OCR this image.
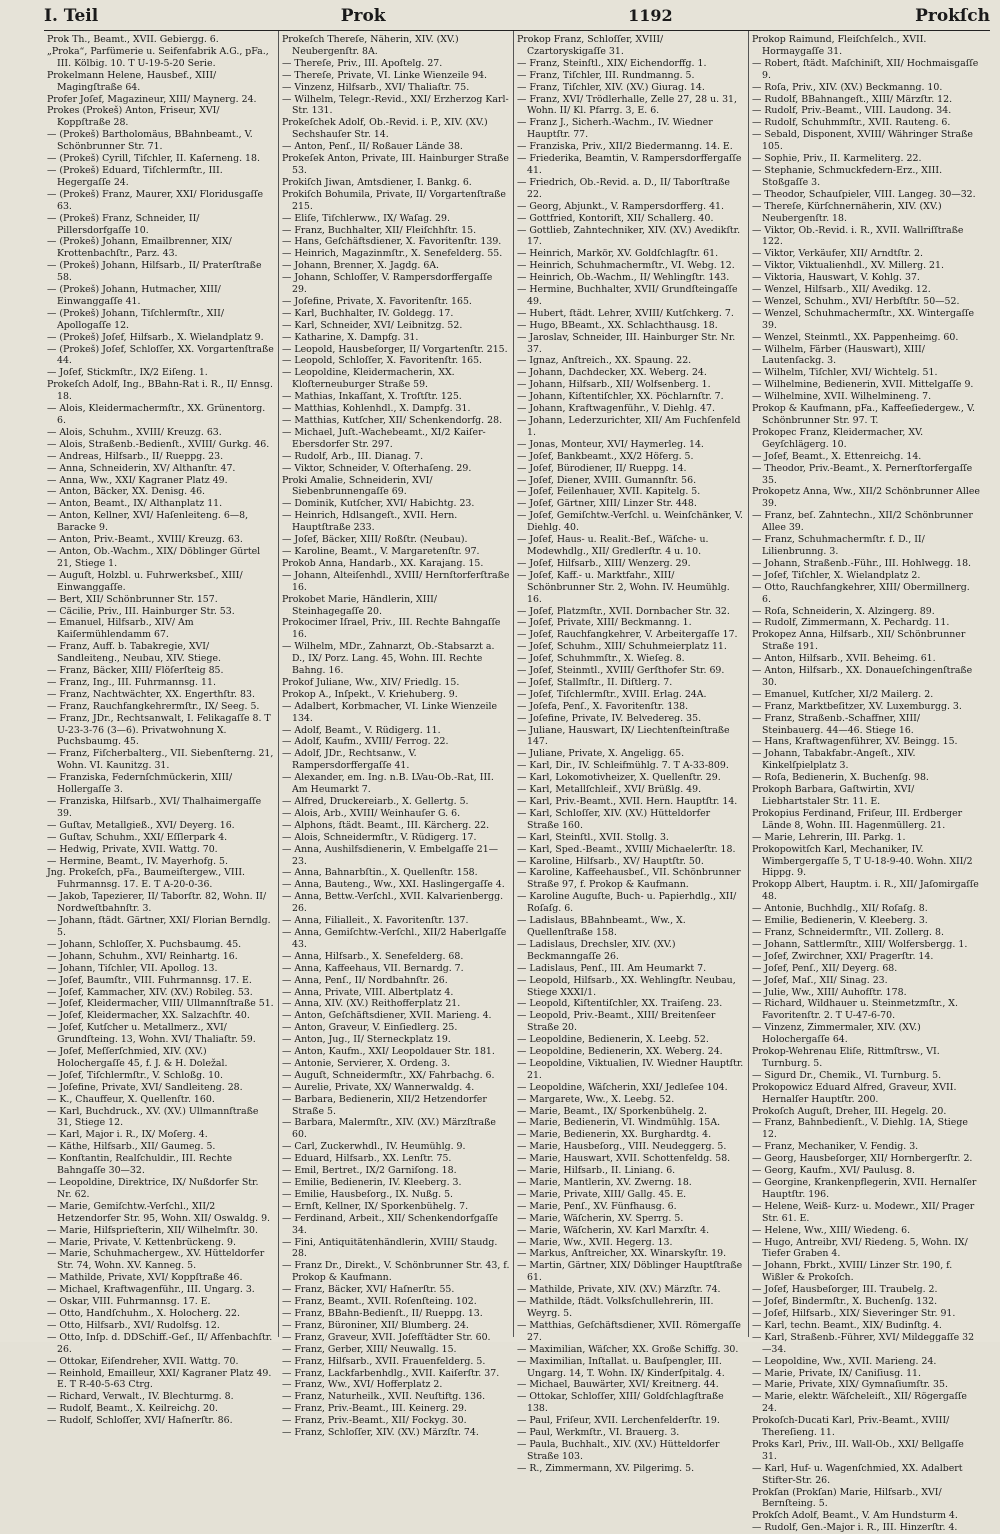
I. Teil	Prok	1192	Prokſch

Prok Th., Beamt., XVII. Gebiergg. 6.

„Proka“, Parfümerie u. Seifenfabrik A.G., pFa., III. Kölbig. 10. T U-19-5-20 Serie.

Prokelmann Helene, Hausbef., XIII/ Magingſtraße 64.

Profer Joſef, Magazineur, XIII/ Maynerg. 24.

Prokes (Prokeš) Anton, Friseur, XVI/ Koppſtraße 28.

— (Prokeš) Bartholomäus, BBahnbeamt., V. Schönbrunner Str. 71.

— (Prokeš) Cyrill, Tiſchler, II. Kaſerneng. 18.

— (Prokeš) Eduard, Tiſchlermſtr., III. Hegergaſſe 24.

— (Prokeš) Franz, Maurer, XXI/ Floridusgaſſe 63.

— (Prokeš) Franz, Schneider, II/ Pillersdorfgaſſe 10.

— (Prokeš) Johann, Emailbrenner, XIX/ Krottenbachſtr., Parz. 43.

— (Prokeš) Johann, Hilfsarb., II/ Praterſtraße 58.

— (Prokeš) Johann, Hutmacher, XIII/ Einwanggaſſe 41.

— (Prokeš) Johann, Tiſchlermſtr., XII/ Apollogaſſe 12.

— (Prokeš) Joſef, Hilfsarb., X. Wielandplatz 9.

— (Prokeš) Joſef, Schloſſer, XX. Vorgartenſtraße 44.

— Joſef, Stickmſtr., IX/2 Eiſeng. 1.

Prokeſch Adolf, Ing., BBahn-Rat i. R., II/ Ennsg. 18.

— Alois, Kleidermachermſtr., XX. Grünentorg. 6.

— Alois, Schuhm., XVIII/ Kreuzg. 63.

— Alois, Straßenb.-Bedienſt., XVIII/ Gurkg. 46.

— Andreas, Hilfsarb., II/ Rueppg. 23.

— Anna, Schneiderin, XV/ Althanſtr. 47.

— Anna, Ww., XXI/ Kagraner Platz 49.

— Anton, Bäcker, XX. Denisg. 46.

— Anton, Beamt., IX/ Althanplatz 11.

— Anton, Kellner, XVI/ Haſenleiteng. 6—8, Baracke 9.

— Anton, Priv.-Beamt., XVIII/ Kreuzg. 63.

— Anton, Ob.-Wachm., XIX/ Döblinger Gürtel 21, Stiege 1.

— Auguſt, Holzbl. u. Fuhrwerksbeſ., XIII/ Einwanggaſſe.

— Bert, XII/ Schönbrunner Str. 157.

— Cäcilie, Priv., III. Hainburger Str. 53.

— Emanuel, Hilfsarb., XIV/ Am Kaiſermühlendamm 67.

— Franz, Auff. b. Tabakregie, XVI/ Sandleiteng., Neubau, XIV. Stiege.

— Franz, Bäcker, XIII/ Flöſerſteig 85.

— Franz, Ing., III. Fuhrmannsg. 11.

— Franz, Nachtwächter, XX. Engerthſtr. 83.

— Franz, Rauchfangkehrermſtr., IX/ Seeg. 5.

— Franz, JDr., Rechtsanwalt, I. Felikagaſſe 8. T U-23-3-76 (3—6). Privatwohnung X. Puchsbaumg. 45.

— Franz, Fiſcherbalterg., VII. Siebenſterng. 21, Wohn. VI. Kaunitzg. 31.

— Franziska, Federnſchmückerin, XIII/ Hollergaſſe 3.

— Franziska, Hilfsarb., XVI/ Thalhaimergaſſe 39.

— Guſtav, Metallgieß., XVI/ Deyerg. 16.

— Guſtav, Schuhm., XXI/ Eſſlerpark 4.

— Hedwig, Private, XVII. Wattg. 70.

— Hermine, Beamt., IV. Mayerhofg. 5.

Jng. Prokeſch, pFa., Baumeiſtergew., VIII. Fuhrmannsg. 17. E. T A-20-0-36.

— Jakob, Tapezierer, II/ Taborſtr. 82, Wohn. II/ Nordweſtbahnſtr. 3.

— Johann, ſtädt. Gärtner, XXI/ Florian Berndlg. 5.

— Johann, Schloſſer, X. Puchsbaumg. 45.

— Johann, Schuhm., XVI/ Reinhartg. 16.

— Johann, Tiſchler, VII. Apollog. 13.

— Joſef, Baumſtr., VIII. Fuhrmannsg. 17. E.

— Joſef, Kammacher, XIV. (XV.) Robileg. 53.

— Joſef, Kleidermacher, VIII/ Ullmannſtraße 51.

— Joſef, Kleidermacher, XX. Salzachſtr. 40.

— Joſef, Kutſcher u. Metallmerz., XVI/ Grundſteing. 13, Wohn. XVI/ Thaliaſtr. 59.

— Joſef, Meſſerſchmied, XIV. (XV.) Holochergaſſe 45, f. J. & H. Doležal.

— Joſef, Tiſchlermſtr., V. Schloßg. 10.

— Joſefine, Private, XVI/ Sandleiteng. 28.

— K., Chauffeur, X. Quellenſtr. 160.

— Karl, Buchdruck., XV. (XV.) Ullmannſtraße 31, Stiege 12.

— Karl, Major i. R., IX/ Moſerg. 4.

— Käthe, Hilfsarb., XII/ Gaumeg. 5.

— Konſtantin, Realſchuldir., III. Rechte Bahngaſſe 30—32.

— Leopoldine, Direktrice, IX/ Nußdorfer Str. Nr. 62.

— Marie, Gemiſchtw.-Verſchl., XII/2 Hetzendorfer Str. 95, Wohn. XII/ Oswaldg. 9.

— Marie, Hilfsprieſterin, XII/ Wilhelmſtr. 30.

— Marie, Private, V. Kettenbrückeng. 9.

— Marie, Schuhmachergew., XV. Hütteldorfer Str. 74, Wohn. XV. Kanneg. 5.

— Mathilde, Private, XVI/ Koppſtraße 46.

— Michael, Kraftwagenführ., III. Ungarg. 3.

— Oskar, VIII. Fuhrmannsg. 17. E.

— Otto, Handſchuhm., X. Holocherg. 22.

— Otto, Hilfsarb., XVI/ Rudolfsg. 12.

— Otto, Inſp. d. DDSchiff.-Geſ., II/ Afſenbachſtr. 26.

— Ottokar, Eiſendreher, XVII. Wattg. 70.

— Reinhold, Emailleur, XXI/ Kagraner Platz 49. E. T R-40-5-63 Ctrg.

— Richard, Verwalt., IV. Blechturmg. 8.

— Rudolf, Beamt., X. Keilreichg. 20.

— Rudolf, Schloſſer, XVI/ Haſnerſtr. 86.

Prokeſch Thereſe, Näherin, XIV. (XV.) Neubergenſtr. 8A.

— Thereſe, Priv., III. Apoſtelg. 27.

— Thereſe, Private, VI. Linke Wienzeile 94.

— Vinzenz, Hilfsarb., XVI/ Thaliaſtr. 75.

— Wilhelm, Telegr.-Revid., XXI/ Erzherzog Karl-Str. 131.

Prokeſchek Adolf, Ob.-Revid. i. P., XIV. (XV.) Sechshauſer Str. 14.

— Anton, Penſ., II/ Roßauer Lände 38.

Prokeſek Anton, Private, III. Hainburger Straße 53.

Prokiſch Jiwan, Amtsdiener, I. Bankg. 6.

Prokiſch Bohumila, Private, II/ Vorgartenſtraße 215.

— Eliſe, Tiſchlerww., IX/ Waſag. 29.

— Franz, Buchhalter, XII/ Fleiſchhſtr. 15.

— Hans, Geſchäftsdiener, X. Favoritenſtr. 139.

— Heinrich, Magazinmſtr., X. Senefelderg. 55.

— Johann, Brenner, X. Jagdg. 6A.

— Johann, Schloſſer, V. Rampersdorffergaſſe 29.

— Joſefine, Private, X. Favoritenſtr. 165.

— Karl, Buchhalter, IV. Goldegg. 17.

— Karl, Schneider, XVI/ Leibnitzg. 52.

— Katharine, X. Dampfg. 31.

— Leopold, Hausbeſorger, II/ Vorgartenſtr. 215.

— Leopold, Schloſſer, X. Favoritenſtr. 165.

— Leopoldine, Kleidermacherin, XX. Kloſterneuburger Straße 59.

— Mathias, Inkaſſant, X. Troſtſtr. 125.

— Matthias, Kohlenhdl., X. Dampfg. 31.

— Matthias, Kutſcher, XII/ Schenkendorfg. 28.

— Michael, Juſt.-Wachebeamt., XI/2 Kaiſer-Ebersdorfer Str. 297.

— Rudolf, Arb., III. Dianag. 7.

— Viktor, Schneider, V. Oſterhaſeng. 29.

Proki Amalie, Schneiderin, XVI/ Siebenbrunnengaſſe 69.

— Dominik, Kutſcher, XVI/ Habichtg. 23.

— Heinrich, Hdlsangeſt., XVII. Hern. Hauptſtraße 233.

— Joſef, Bäcker, XIII/ Roßſtr. (Neubau).

— Karoline, Beamt., V. Margaretenſtr. 97.

Prokob Anna, Handarb., XX. Karajang. 15.

— Johann, Alteiſenhdl., XVIII/ Hernſtorferſtraße 16.

Prokobet Marie, Händlerin, XIII/ Steinhagegaſſe 20.

Prokocimer Iſrael, Priv., III. Rechte Bahngaſſe 16.

— Wilhelm, MDr., Zahnarzt, Ob.-Stabsarzt a. D., IX/ Porz. Lang. 45, Wohn. III. Rechte Bahng. 16.

Prokof Juliane, Ww., XIV/ Friedlg. 15.

Prokop A., Inſpekt., V. Kriehuberg. 9.

— Adalbert, Korbmacher, VI. Linke Wienzeile 134.

— Adolf, Beamt., V. Rüdigerg. 11.

— Adolf, Kaufm., XVIII/ Ferrog. 22.

— Adolf, JDr., Rechtsanw., V. Rampersdorffergaſſe 41.

— Alexander, em. Ing. n.B. LVau-Ob.-Rat, III. Am Heumarkt 7.

— Alfred, Druckereiarb., X. Gellertg. 5.

— Alois, Arb., XVIII/ Weinhauſer G. 6.

— Alphons, ſtädt. Beamt., III. Kärcherg. 22.

— Alois, Schneidermſtr., V. Rüdigerg. 17.

— Anna, Aushilfsdienerin, V. Embelgaſſe 21—23.

— Anna, Bahnarbſtin., X. Quellenſtr. 158.

— Anna, Bauteng., Ww., XXI. Haslingergaſſe 4.

— Anna, Bettw.-Verſchl., XVII. Kalvarienbergg. 26.

— Anna, Filialleit., X. Favoritenſtr. 137.

— Anna, Gemiſchtw.-Verſchl., XII/2 Haberlgaſſe 43.

— Anna, Hilfsarb., X. Senefelderg. 68.

— Anna, Kaffeehaus, VII. Bernardg. 7.

— Anna, Penſ., II/ Nordbahnſtr. 26.

— Anna, Private, VIII. Albertplatz 4.

— Anna, XIV. (XV.) Reithofferplatz 21.

— Anton, Geſchäftsdiener, XVII. Marieng. 4.

— Anton, Graveur, V. Einſiedlerg. 25.

— Anton, Jug., II/ Sterneckplatz 19.

— Anton, Kaufm., XXI/ Leopoldauer Str. 181.

— Antonie, Servierer, X. Ordeng. 3.

— Auguſt, Schneidermſtr., XX/ Fahrbachg. 6.

— Aurelie, Private, XX/ Wannerwaldg. 4.

— Barbara, Bedienerin, XII/2 Hetzendorfer Straße 5.

— Barbara, Malermſtr., XIV. (XV.) Märzſtraße 60.

— Carl, Zuckerwhdl., IV. Heumühlg. 9.

— Eduard, Hilfsarb., XX. Lenſtr. 75.

— Emil, Bertret., IX/2 Garniſong. 18.

— Emilie, Bedienerin, IV. Kleeberg. 3.

— Emilie, Hausbeſorg., IX. Nußg. 5.

— Ernſt, Kellner, IX/ Sporkenbühelg. 7.

— Ferdinand, Arbeit., XII/ Schenkendorfgaſſe 34.

— Fini, Antiquitätenhändlerin, XVIII/ Staudg. 28.

— Franz Dr., Direkt., V. Schönbrunner Str. 43, f. Prokop & Kaufmann.

— Franz, Bäcker, XVI/ Haſnerſtr. 55.

— Franz, Beamt., XVII. Roſenſteing. 102.

— Franz, BBahn-Bedienſt., II/ Rueppg. 13.

— Franz, Büroniner, XII/ Blumberg. 24.

— Franz, Graveur, XVII. Joſefſtädter Str. 60.

— Franz, Gerber, XIII/ Neuwallg. 15.

— Franz, Hilfsarb., XVII. Frauenfelderg. 5.

— Franz, Lackfarbenhdlg., XVII. Kaiſerſtr. 37.

— Franz, Ww., XVI/ Hofferplatz 2.

— Franz, Naturheilk., XVII. Neuſtiftg. 136.

— Franz, Priv.-Beamt., III. Keinerg. 29.

— Franz, Priv.-Beamt., XII/ Fockyg. 30.

— Franz, Schloſſer, XIV. (XV.) Märzſtr. 74.

Prokop Franz, Schloſſer, XVIII/ Czartoryskigaſſe 31.

— Franz, Steinſtl., XIX/ Eichendorffg. 1.

— Franz, Tiſchler, III. Rundmanng. 5.

— Franz, Tiſchler, XIV. (XV.) Giurag. 14.

— Franz, XVI/ Trödlerhalle, Zelle 27, 28 u. 31, Wohn. II/ Kl. Pfarrg. 3, E. 6.

— Franz J., Sicherh.-Wachm., IV. Wiedner Hauptſtr. 77.

— Franziska, Priv., XII/2 Biedermanng. 14. E.

— Friederika, Beamtin, V. Rampersdorffergaſſe 41.

— Friedrich, Ob.-Revid. a. D., II/ Taborſtraße 22.

— Georg, Abjunkt., V. Rampersdorfferg. 41.

— Gottfried, Kontoriſt, XII/ Schallerg. 40.

— Gottlieb, Zahntechniker, XIV. (XV.) Avedikſtr. 17.

— Heinrich, Markör, XV. Goldſchlagſtr. 61.

— Heinrich, Schuhmachermſtr., VI. Webg. 12.

— Heinrich, Ob.-Wachm., II/ Wehlingſtr. 143.

— Hermine, Buchhalter, XVII/ Grundſteingaſſe 49.

— Hubert, ſtädt. Lehrer, XVIII/ Kutſchkerg. 7.

— Hugo, BBeamt., XX. Schlachthausg. 18.

— Jaroslav, Schneider, III. Hainburger Str. Nr. 37.

— Ignaz, Anſtreich., XX. Spaung. 22.

— Johann, Dachdecker, XX. Weberg. 24.

— Johann, Hilfsarb., XII/ Wolfsenberg. 1.

— Johann, Kiſtentiſchler, XX. Pöchlarnſtr. 7.

— Johann, Kraftwagenführ., V. Diehlg. 47.

— Johann, Lederzurichter, XII/ Am Fuchſenfeld 1.

— Jonas, Monteur, XVI/ Haymerleg. 14.

— Joſef, Bankbeamt., XX/2 Höferg. 5.

— Joſef, Bürodiener, II/ Rueppg. 14.

— Joſef, Diener, XVIII. Gumannſtr. 56.

— Joſef, Feilenhauer, XVII. Kapitelg. 5.

— Joſef, Gärtner, XIII/ Linzer Str. 448.

— Joſef, Gemiſchtw.-Verſchl. u. Weinſchänker, V. Diehlg. 40.

— Joſef, Haus- u. Realit.-Beſ., Wäſche- u. Modewhdlg., XII/ Gredlerſtr. 4 u. 10.

— Joſef, Hilfsarb., XIII/ Wenzerg. 29.

— Joſef, Kaff.- u. Marktfahr., XIII/ Schönbrunner Str. 2, Wohn. IV. Heumühlg. 16.

— Joſef, Platzmſtr., XVII. Dornbacher Str. 32.

— Joſef, Private, XIII/ Beckmanng. 1.

— Joſef, Rauchfangkehrer, V. Arbeitergaſſe 17.

— Joſef, Schuhm., XIII/ Schuhmeierplatz 11.

— Joſef, Schuhmmſtr., X. Wieſeg. 8.

— Joſef, Steinmtl., XVIII/ Gerſthofer Str. 69.

— Joſef, Stallmſtr., II. Diſtlerg. 7.

— Joſef, Tiſchlermſtr., XVIII. Erlag. 24A.

— Joſefa, Penſ., X. Favoritenſtr. 138.

— Joſefine, Private, IV. Belvedereg. 35.

— Juliane, Hauswart, IX/ Liechtenſteinſtraße 147.

— Juliane, Private, X. Angeligg. 65.

— Karl, Dir., IV. Schleifmühlg. 7. T A-33-809.

— Karl, Lokomotivheizer, X. Quellenſtr. 29.

— Karl, Metallſchleif., XVI/ Brüßlg. 49.

— Karl, Priv.-Beamt., XVII. Hern. Hauptſtr. 14.

— Karl, Schloſſer, XIV. (XV.) Hütteldorfer Straße 160.

— Karl, Steinſtl., XVII. Stollg. 3.

— Karl, Sped.-Beamt., XVIII/ Michaelerſtr. 18.

— Karoline, Hilfsarb., XV/ Hauptſtr. 50.

— Karoline, Kaffeehausbeſ., VII. Schönbrunner Straße 97, f. Prokop & Kaufmann.

— Karoline Auguſte, Buch- u. Papierhdlg., XII/ Roſaſg. 6.

— Ladislaus, BBahnbeamt., Ww., X. Quellenſtraße 158.

— Ladislaus, Drechsler, XIV. (XV.) Beckmanngaſſe 26.

— Ladislaus, Penſ., III. Am Heumarkt 7.

— Leopold, Hilfsarb., XX. Wehlingſtr. Neubau, Stiege XXXI/1.

— Leopold, Kiſtentiſchler, XX. Traiſeng. 23.

— Leopold, Priv.-Beamt., XIII/ Breitenſeer Straße 20.

— Leopoldine, Bedienerin, X. Leebg. 52.

— Leopoldine, Bedienerin, XX. Weberg. 24.

— Leopoldine, Viktualien, IV. Wiedner Hauptſtr. 21.

— Leopoldine, Wäſcherin, XXI/ Jedleſee 104.

— Margarete, Ww., X. Leebg. 52.

— Marie, Beamt., IX/ Sporkenbühelg. 2.

— Marie, Bedienerin, VI. Windmühlg. 15A.

— Marie, Bedienerin, XX. Burghardtg. 4.

— Marie, Hausbeſorg., VIII. Neudeggerg. 5.

— Marie, Hauswart, XVII. Schottenfeldg. 58.

— Marie, Hilfsarb., II. Liniang. 6.

— Marie, Mantlerin, XV. Zwerng. 18.

— Marie, Private, XIII/ Gallg. 45. E.

— Marie, Penſ., XV. Fünfhausg. 6.

— Marie, Wäſcherin, XV. Sperrg. 5.

— Marie, Wäſcherin, XV. Karl Marxſtr. 4.

— Marie, Ww., XVII. Hegerg. 13.

— Markus, Anſtreicher, XX. Winarskyſtr. 19.

— Martin, Gärtner, XIX/ Döblinger Hauptſtraße 61.

— Mathilde, Private, XIV. (XV.) Märzſtr. 74.

— Mathilde, ſtädt. Volksſchullehrerin, III. Weyrg. 5.

— Matthias, Geſchäftsdiener, XVII. Römergaſſe 27.

— Maximilian, Wäſcher, XX. Große Schiffg. 30.

— Maximilian, Inſtallat. u. Bauſpengler, III. Ungarg. 14, T. Wohn. IX/ Kinderſpitalg. 4.

— Michael, Bauwärter, XVI/ Kreitnerg. 44.

— Ottokar, Schloſſer, XIII/ Goldſchlagſtraße 138.

— Paul, Friſeur, XVII. Lerchenfelderſtr. 19.

— Paul, Werkmſtr., VI. Brauerg. 3.

— Paula, Buchhalt., XIV. (XV.) Hütteldorfer Straße 103.

— R., Zimmermann, XV. Pilgerimg. 5.

Prokop Raimund, Fleiſchſelch., XVII. Hormaygaſſe 31.

— Robert, ſtädt. Maſchiniſt, XII/ Hochmaisgaſſe 9.

— Roſa, Priv., XIV. (XV.) Beckmanng. 10.

— Rudolf, BBahnangeſt., XIII/ Märzſtr. 12.

— Rudolf, Priv.-Beamt., VIII. Laudong. 34.

— Rudolf, Schuhmmſtr., XVII. Rauteng. 6.

— Sebald, Disponent, XVIII/ Währinger Straße 105.

— Sophie, Priv., II. Karmeliterg. 22.

— Stephanie, Schmuckfedern-Erz., XIII. Stoßgaſſe 3.

— Theodor, Schauſpieler, VIII. Langeg. 30—32.

— Thereſe, Kürſchnernäherin, XIV. (XV.) Neubergenſtr. 18.

— Viktor, Ob.-Revid. i. R., XVII. Wallriſſtraße 122.

— Viktor, Verkäufer, XII/ Arndtſtr. 2.

— Viktor, Viktualienhdl., XV. Millerg. 21.

— Viktoria, Hauswart, V. Kohlg. 37.

— Wenzel, Hilfsarb., XII/ Avedikg. 12.

— Wenzel, Schuhm., XVI/ Herbſtſtr. 50—52.

— Wenzel, Schuhmachermſtr., XX. Wintergaſſe 39.

— Wenzel, Steinmtl., XX. Pappenheimg. 60.

— Wilhelm, Färber (Hauswart), XIII/ Lautenſackg. 3.

— Wilhelm, Tiſchler, XVI/ Wichtelg. 51.

— Wilhelmine, Bedienerin, XVII. Mittelgaſſe 9.

— Wilhelmine, XVII. Wilhelmineng. 7.

Prokop & Kaufmann, pFa., Kaffeeſiedergew., V. Schönbrunner Str. 97. T.

Prokopec Franz, Kleidermacher, XV. Geyſchlägerg. 10.

— Joſef, Beamt., X. Ettenreichg. 14.

— Theodor, Priv.-Beamt., X. Pernerſtorfergaſſe 35.

Prokopetz Anna, Ww., XII/2 Schönbrunner Allee 39.

— Franz, beſ. Zahntechn., XII/2 Schönbrunner Allee 39.

— Franz, Schuhmachermſtr. f. D., II/ Lilienbrunng. 3.

— Johann, Straßenb.-Führ., III. Hohlwegg. 18.

— Joſef, Tiſchler, X. Wielandplatz 2.

— Otto, Rauchfangkehrer, XIII/ Obermillnerg. 6.

— Roſa, Schneiderin, X. Alzingerg. 89.

— Rudolf, Zimmermann, X. Pechardg. 11.

Prokopez Anna, Hilfsarb., XII/ Schönbrunner Straße 191.

— Anton, Hilfsarb., XVII. Beheimg. 61.

— Anton, Hilfsarb., XX. Donaueſchingenſtraße 30.

— Emanuel, Kutſcher, XI/2 Mailerg. 2.

— Franz, Marktbeſitzer, XV. Luxemburgg. 3.

— Franz, Straßenb.-Schaffner, XIII/ Steinbauerg. 44—46. Stiege 16.

— Hans, Kraftwagenführer, XV. Beingg. 15.

— Johann, Tabakfabr.-Angeſt., XIV. Kinkelſpielplatz 3.

— Roſa, Bedienerin, X. Buchenſg. 98.

Prokoph Barbara, Gaſtwirtin, XVI/ Liebhartstaler Str. 11. E.

Prokopius Ferdinand, Friſeur, III. Erdberger Lände 8, Wohn. III. Hagenmüllerg. 21.

— Marie, Lehrerin, III. Parkg. 1.

Prokopowitſch Karl, Mechaniker, IV. Wimbergergaſſe 5, T U-18-9-40. Wohn. XII/2 Hippg. 9.

Prokopp Albert, Hauptm. i. R., XII/ Jaſomirgaſſe 48.

— Antonie, Buchhdlg., XII/ Roſaſg. 8.

— Emilie, Bedienerin, V. Kleeberg. 3.

— Franz, Schneidermſtr., VII. Zollerg. 8.

— Johann, Sattlermſtr., XIII/ Wolfersbergg. 1.

— Joſef, Zwirchner, XXI/ Pragerſtr. 14.

— Joſef, Penſ., XII/ Deyerg. 68.

— Joſef, Maſ., XII/ Sinag. 23.

— Julie, Ww., XIII/ Auhofſtr. 178.

— Richard, Wildhauer u. Steinmetzmſtr., X. Favoritenſtr. 2. T U-47-6-70.

— Vinzenz, Zimmermaler, XIV. (XV.) Holochergaſſe 64.

Prokop-Wehrenau Eliſe, Rittmſtrsw., VI. Turnburg. 5.

— Sigurd Dr., Chemik., VI. Turnburg. 5.

Prokopowicz Eduard Alfred, Graveur, XVII. Hernalſer Hauptſtr. 200.

Prokoſch Auguſt, Dreher, III. Hegelg. 20.

— Franz, Bahnbedienſt., V. Diehlg. 1A, Stiege 12.

— Franz, Mechaniker, V. Fendig. 3.

— Georg, Hausbeſorger, XII/ Hornbergerſtr. 2.

— Georg, Kaufm., XVI/ Paulusg. 8.

— Georgine, Krankenpflegerin, XVII. Hernalſer Hauptſtr. 196.

— Helene, Weiß- Kurz- u. Modewr., XII/ Prager Str. 61. E.

— Helene, Ww., XIII/ Wiedeng. 6.

— Hugo, Antreibr, XVI/ Riedeng. 5, Wohn. IX/ Tiefer Graben 4.

— Johann, Fbrkt., XVIII/ Linzer Str. 190, f. Wißler & Prokoſch.

— Joſef, Hausbeſorger, III. Traubelg. 2.

— Joſef, Bindermſtr., X. Buchenſg. 132.

— Joſef, Hilfsarb., XIX/ Sieveringer Str. 91.

— Karl, techn. Beamt., XIX/ Budinſtg. 4.

— Karl, Straßenb.-Führer, XVI/ Mildeggaſſe 32—34.

— Leopoldine, Ww., XVII. Marieng. 24.

— Marie, Private, IX/ Caniſiusg. 11.

— Marie, Private, XIX/ Gymnaſiumſtr. 35.

— Marie, elektr. Wäſcheleiſt., XII/ Rögergaſſe 24.

Prokoſch-Ducati Karl, Priv.-Beamt., XVIII/ Thereſieng. 11.

Proks Karl, Priv., III. Wall-Ob., XXI/ Bellgaſſe 31.

— Karl, Huf- u. Wagenſchmied, XX. Adalbert Stifter-Str. 26.

Prokſan (Prokſan) Marie, Hilfsarb., XVI/ Bernſteing. 5.

Prokſch Adolf, Beamt., V. Am Hundsturm 4.

— Rudolf, Gen.-Major i. R., III. Hinzerſtr. 4.
